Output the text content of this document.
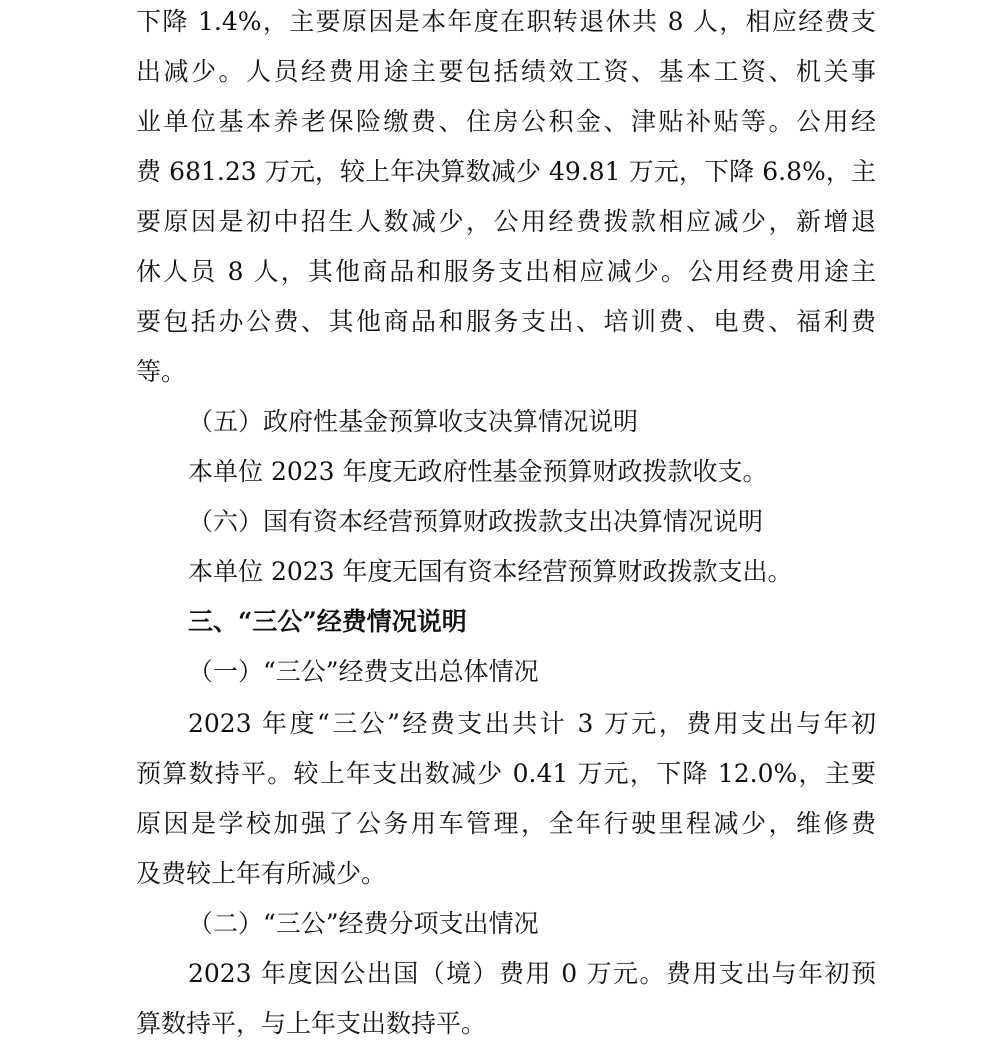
下降 1.4%，主要原因是本年度在职转退休共 8 人，相应经费支
出减少。人员经费用途主要包括绩效工资、基本工资、机关事
业单位基本养老保险缴费、住房公积金、津贴补贴等。公用经
费 681.23 万元，较上年决算数减少 49.81 万元，下降 6.8%，主
要原因是初中招生人数减少，公用经费拨款相应减少，新增退
休人员 8 人，其他商品和服务支出相应减少。公用经费用途主
要包括办公费、其他商品和服务支出、培训费、电费、福利费
等。
（五）政府性基金预算收支决算情况说明
本单位 2023 年度无政府性基金预算财政拨款收支。
（六）国有资本经营预算财政拨款支出决算情况说明
本单位 2023 年度无国有资本经营预算财政拨款支出。
三、“三公”经费情况说明
（一）“三公”经费支出总体情况
2023 年度“三公”经费支出共计 3 万元，费用支出与年初
预算数持平。较上年支出数减少 0.41 万元，下降 12.0%，主要
原因是学校加强了公务用车管理，全年行驶里程减少，维修费
及费较上年有所减少。
（二）“三公”经费分项支出情况
2023 年度因公出国（境）费用 0 万元。费用支出与年初预
算数持平，与上年支出数持平。
